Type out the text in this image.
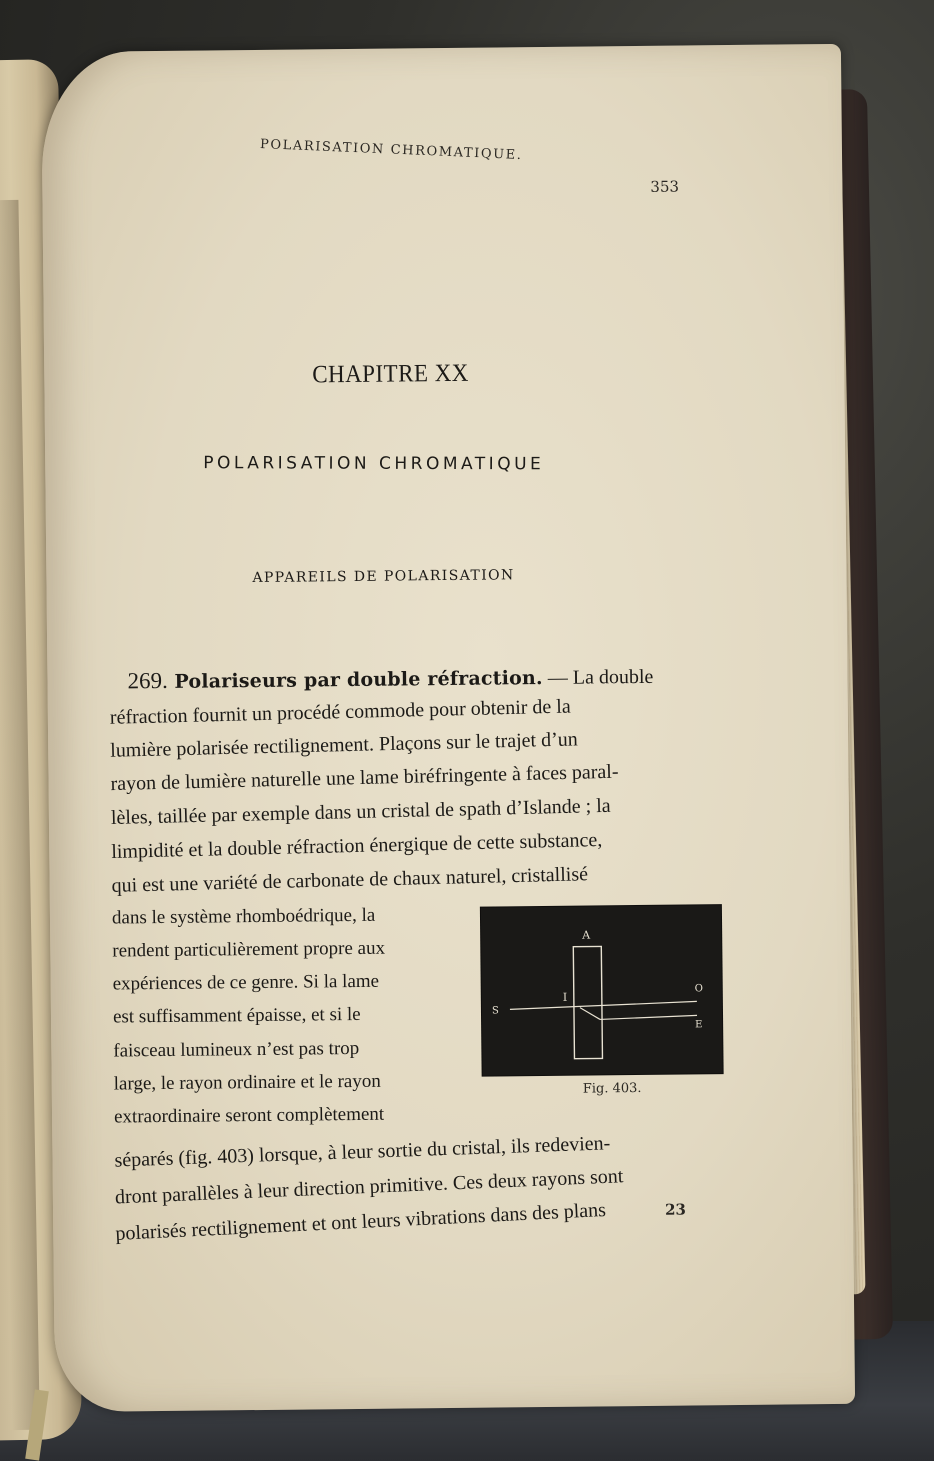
POLARISATION CHROMATIQUE.
353
CHAPITRE XX
POLARISATION CHROMATIQUE
APPAREILS DE POLARISATION
269. Polariseurs par double réfraction. — La double
réfraction fournit un procédé commode pour obtenir de la
lumière polarisée rectilignement. Plaçons sur le trajet d’un
rayon de lumière naturelle une lame biréfringente à faces paral-
lèles, taillée par exemple dans un cristal de spath d’Islande ; la
limpidité et la double réfraction énergique de cette substance,
qui est une variété de carbonate de chaux naturel, cristallisé
dans le système rhomboédrique, la
rendent particulièrement propre aux
expériences de ce genre. Si la lame
est suffisamment épaisse, et si le
faisceau lumineux n’est pas trop
large, le rayon ordinaire et le rayon
extraordinaire seront complètement
séparés (fig. 403) lorsque, à leur sortie du cristal, ils redevien-
dront parallèles à leur direction primitive. Ces deux rayons sont
polarisés rectilignement et ont leurs vibrations dans des plans
A
I
S
O
E
Fig. 403.
23
